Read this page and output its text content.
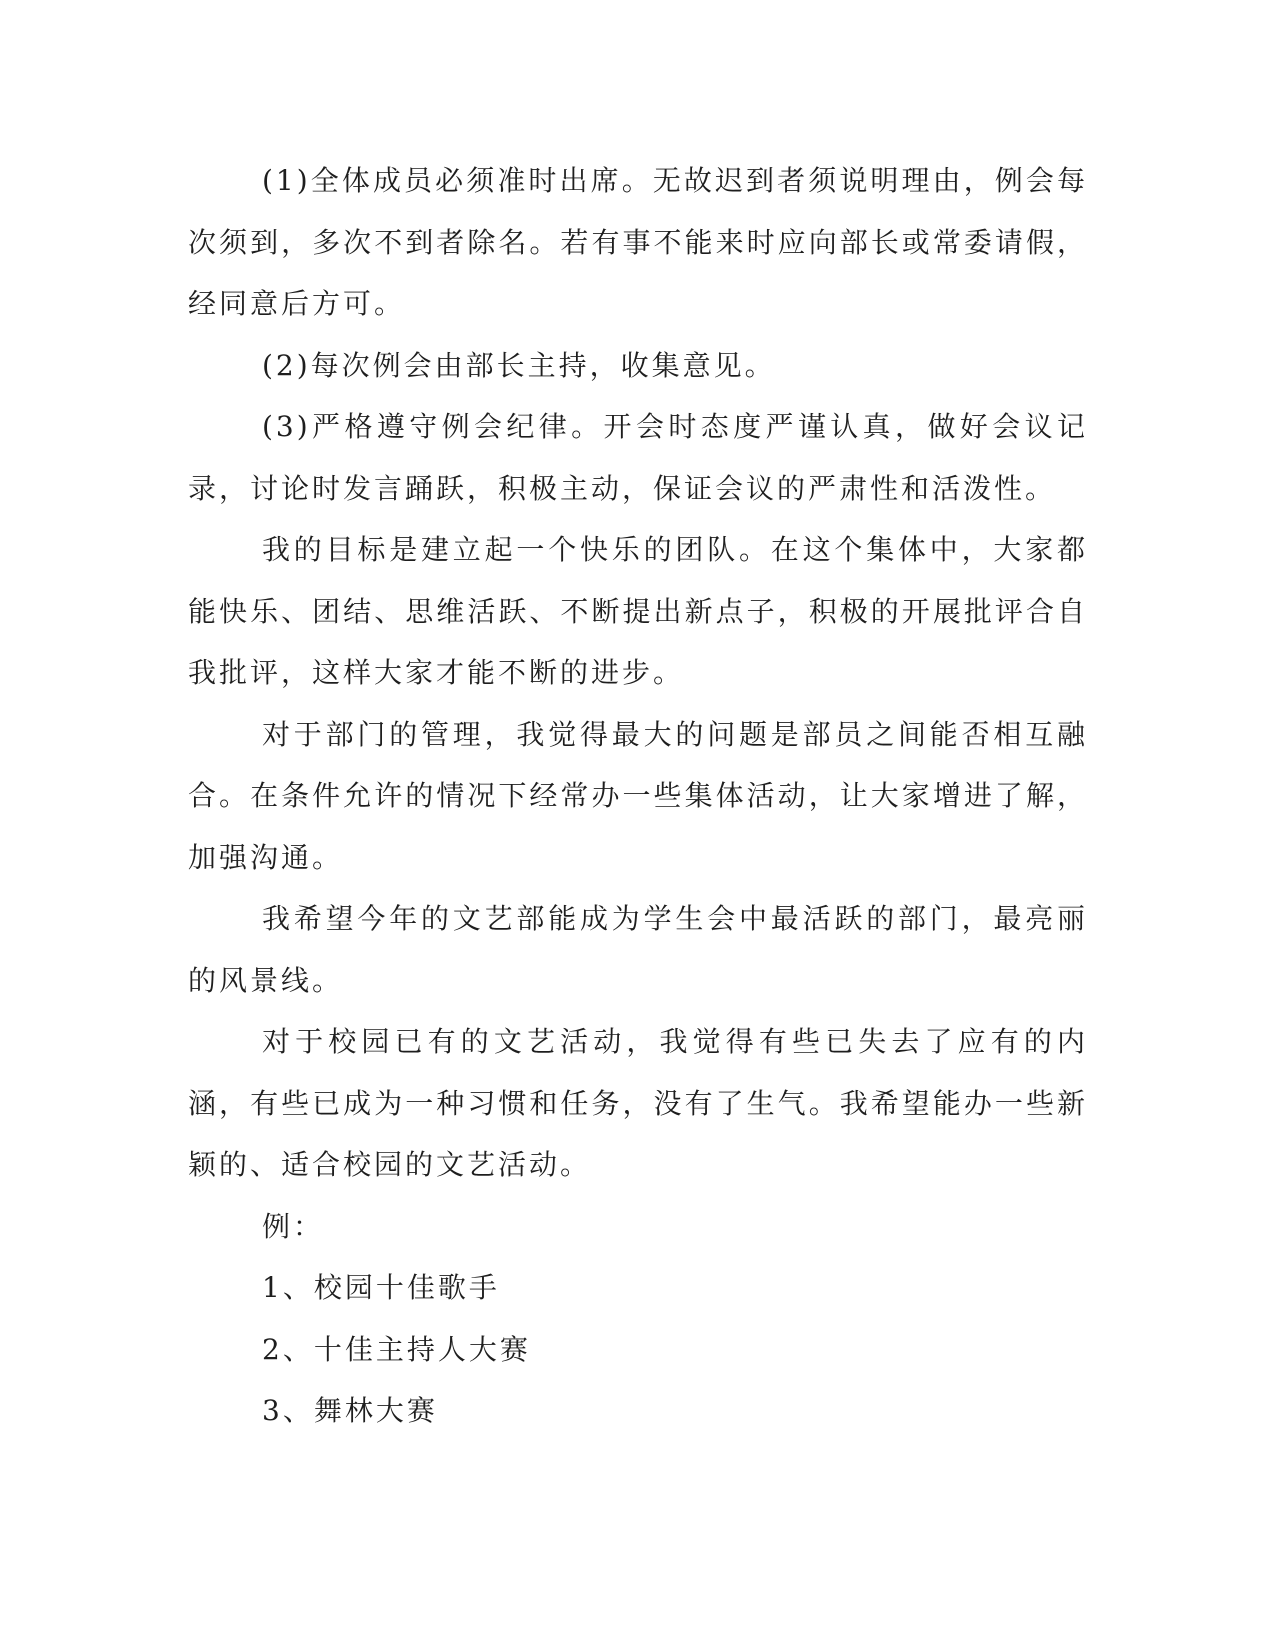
(1)全体成员必须准时出席。无故迟到者须说明理由，例会每次须到，多次不到者除名。若有事不能来时应向部长或常委请假，经同意后方可。

(2)每次例会由部长主持，收集意见。

(3)严格遵守例会纪律。开会时态度严谨认真，做好会议记录，讨论时发言踊跃，积极主动，保证会议的严肃性和活泼性。

我的目标是建立起一个快乐的团队。在这个集体中，大家都能快乐、团结、思维活跃、不断提出新点子，积极的开展批评合自我批评，这样大家才能不断的进步。

对于部门的管理，我觉得最大的问题是部员之间能否相互融合。在条件允许的情况下经常办一些集体活动，让大家增进了解，加强沟通。

我希望今年的文艺部能成为学生会中最活跃的部门，最亮丽的风景线。

对于校园已有的文艺活动，我觉得有些已失去了应有的内涵，有些已成为一种习惯和任务，没有了生气。我希望能办一些新颖的、适合校园的文艺活动。

例：

1、校园十佳歌手

2、十佳主持人大赛

3、舞林大赛
